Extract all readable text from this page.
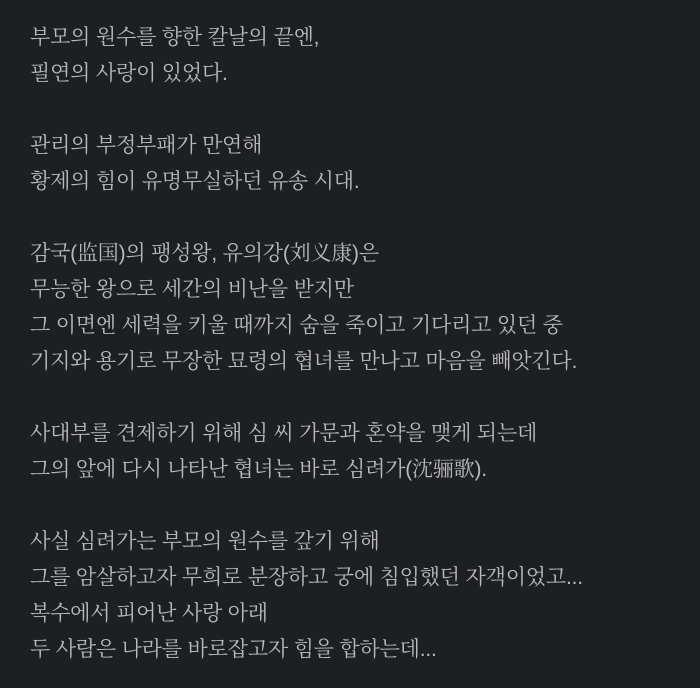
부모의 원수를 향한 칼날의 끝엔,
필연의 사랑이 있었다.

관리의 부정부패가 만연해
황제의 힘이 유명무실하던 유송 시대.

감국(监国)의 팽성왕, 유의강(刘义康)은
무능한 왕으로 세간의 비난을 받지만
그 이면엔 세력을 키울 때까지 숨을 죽이고 기다리고 있던 중
기지와 용기로 무장한 묘령의 협녀를 만나고 마음을 빼앗긴다.

사대부를 견제하기 위해 심 씨 가문과 혼약을 맺게 되는데
그의 앞에 다시 나타난 협녀는 바로 심려가(沈骊歌).

사실 심려가는 부모의 원수를 갚기 위해
그를 암살하고자 무희로 분장하고 궁에 침입했던 자객이었고...
복수에서 피어난 사랑 아래
두 사람은 나라를 바로잡고자 힘을 합하는데...
